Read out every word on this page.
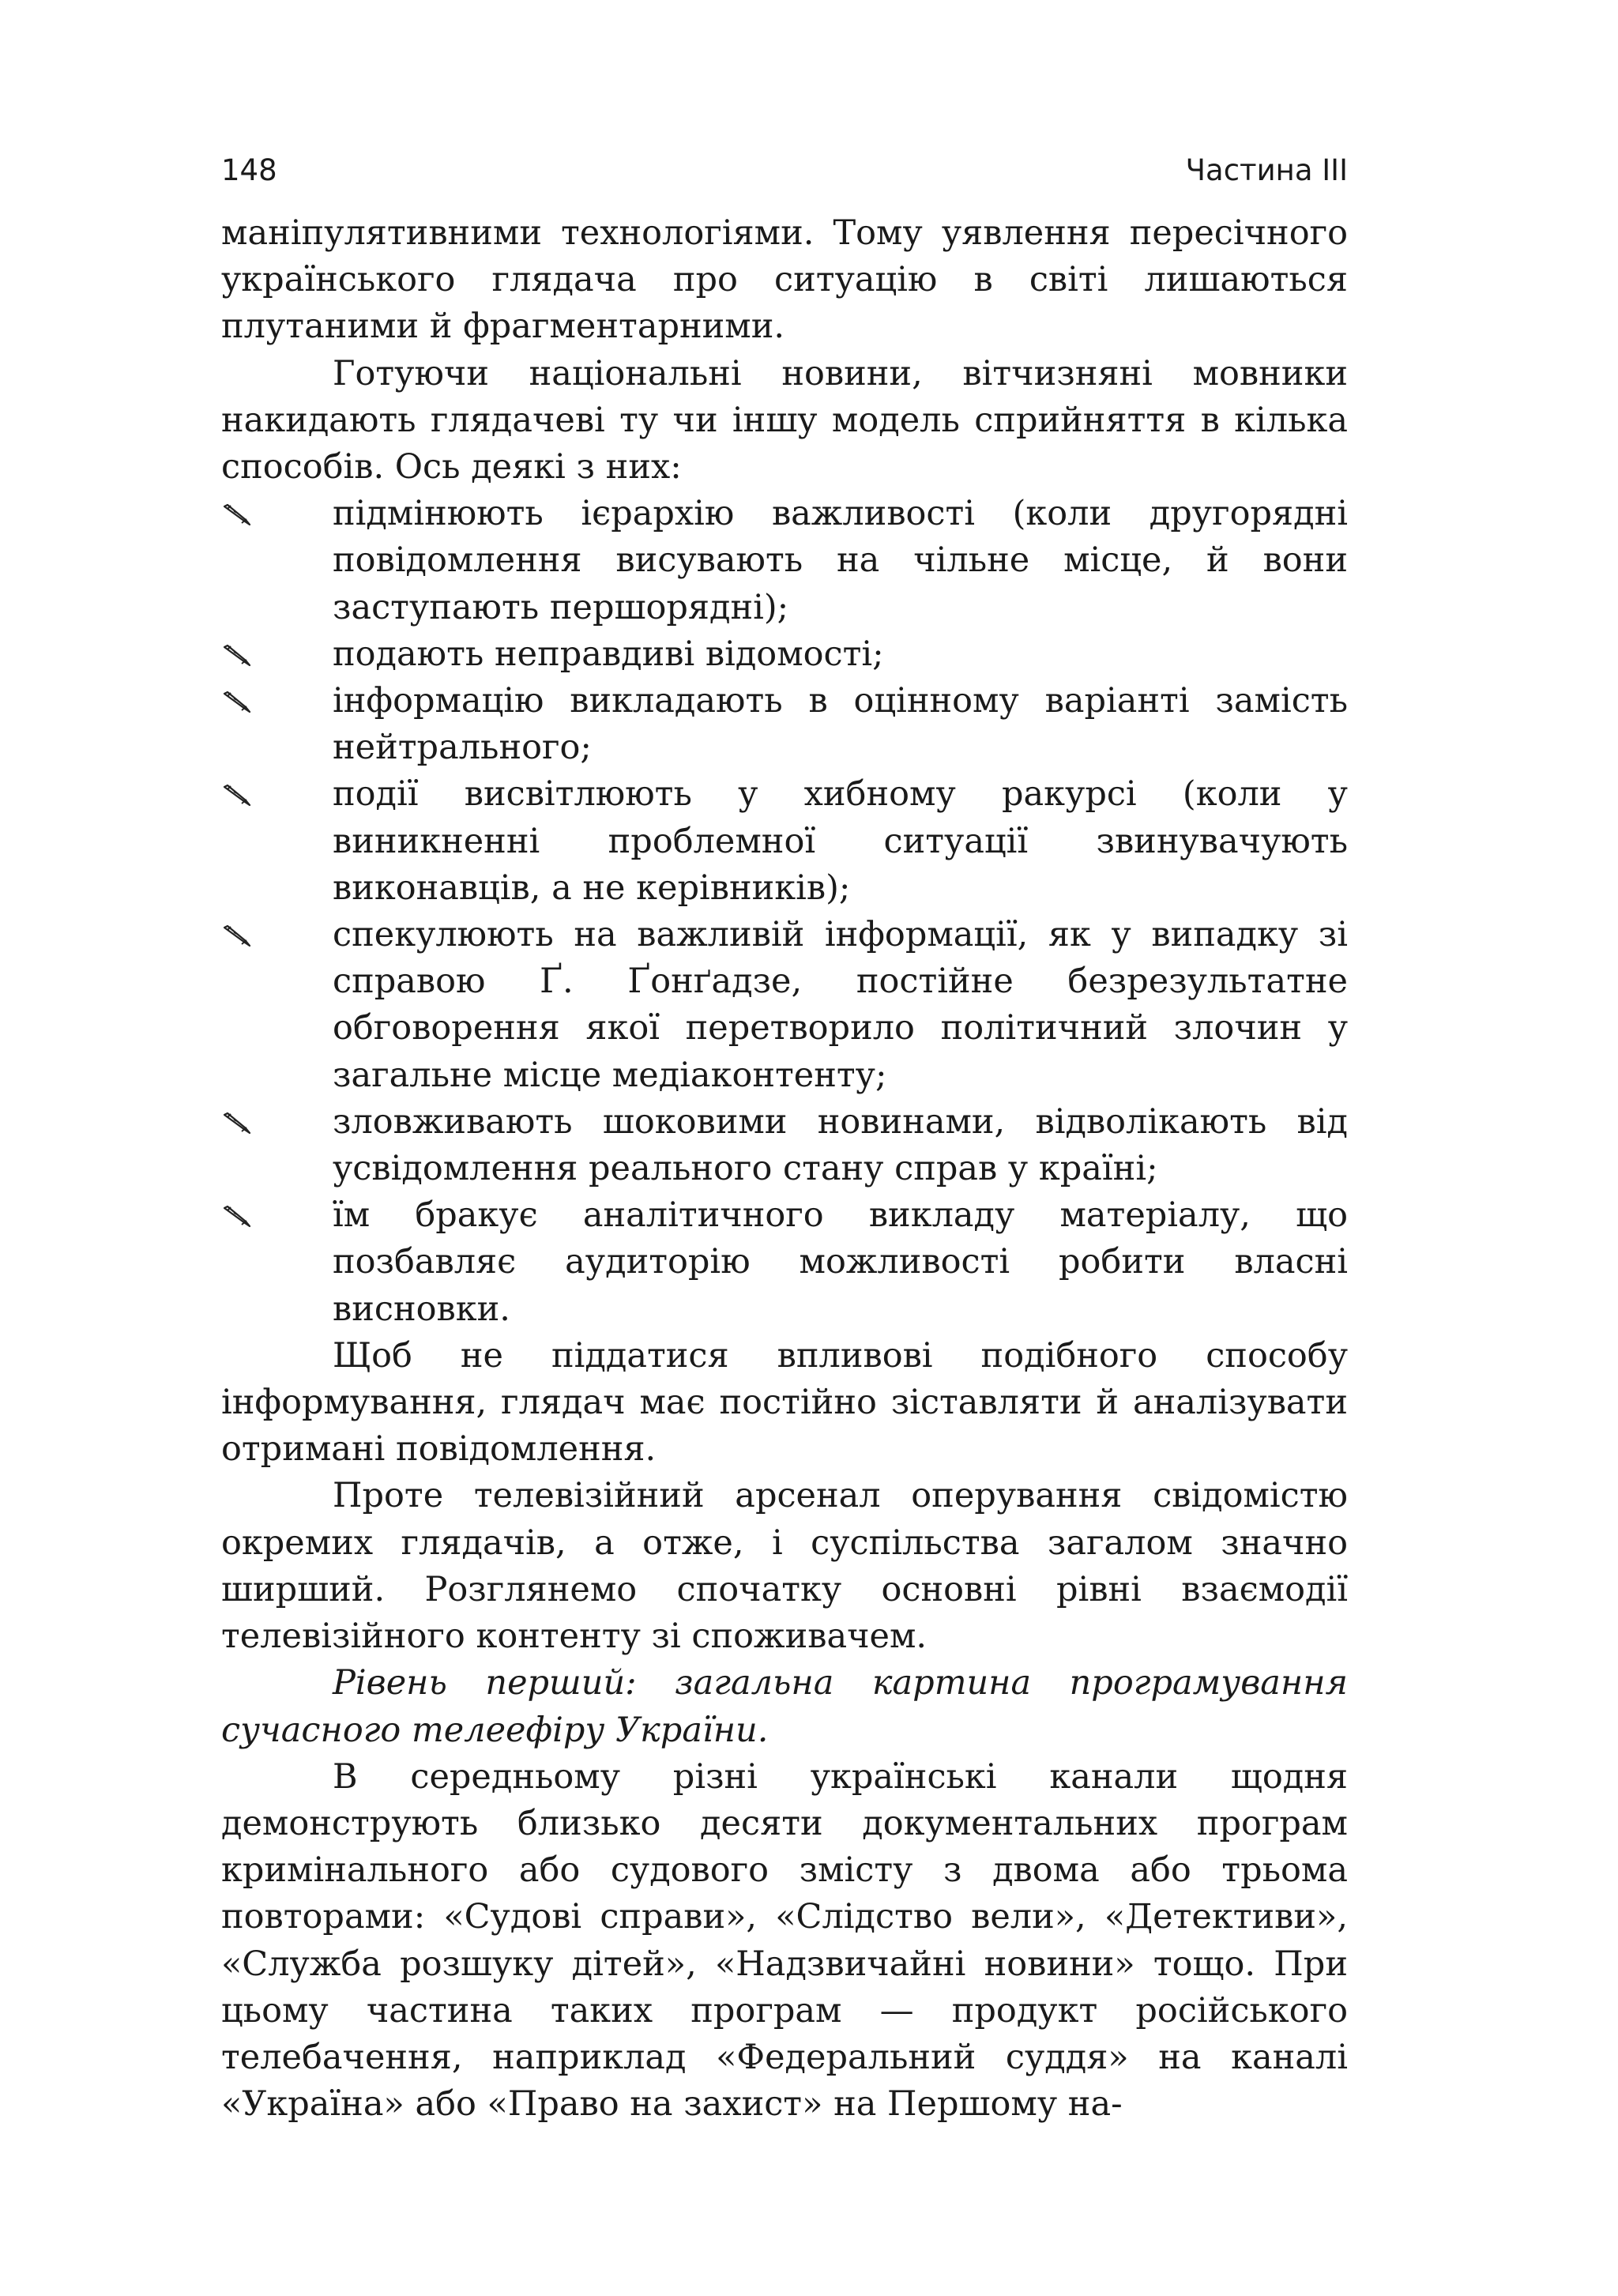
148	Частина III

маніпулятивними технологіями. Тому уявлення пересічного українського глядача про ситуацію в світі лишаються плутаними й фрагментарними.

Готуючи національні новини, вітчизняні мовники накидають глядачеві ту чи іншу модель сприйняття в кілька способів. Ось деякі з них:

підмінюють ієрархію важливості (коли другорядні повідомлення висувають на чільне місце, й вони заступають першорядні);
подають неправдиві відомості;
інформацію викладають в оцінному варіанті замість нейтрального;
події висвітлюють у хибному ракурсі (коли у виникненні проблемної ситуації звинувачують виконавців, а не керівників);
спекулюють на важливій інформації, як у випадку зі справою Ґ. Ґонґадзе, постійне безрезультатне обговорення якої перетворило політичний злочин у загальне місце медіаконтенту;
зловживають шоковими новинами, відволікають від усвідомлення реального стану справ у країні;
їм бракує аналітичного викладу матеріалу, що позбавляє аудиторію можливості робити власні висновки.

Щоб не піддатися впливові подібного способу інформування, глядач має постійно зіставляти й аналізувати отримані повідомлення.

Проте телевізійний арсенал оперування свідомістю окремих глядачів, а отже, і суспільства загалом значно ширший. Розглянемо спочатку основні рівні взаємодії телевізійного контенту зі споживачем.

Рівень перший: загальна картина програмування сучасного телеефіру України.

В середньому різні українські канали щодня демонструють близько десяти документальних програм кримінального або судового змісту з двома або трьома повторами: «Судові справи», «Слідство вели», «Детективи», «Служба розшуку дітей», «Надзвичайні новини» тощо. При цьому частина таких програм — продукт російського телебачення, наприклад «Федеральний суддя» на каналі «Україна» або «Право на захист» на Першому на-
